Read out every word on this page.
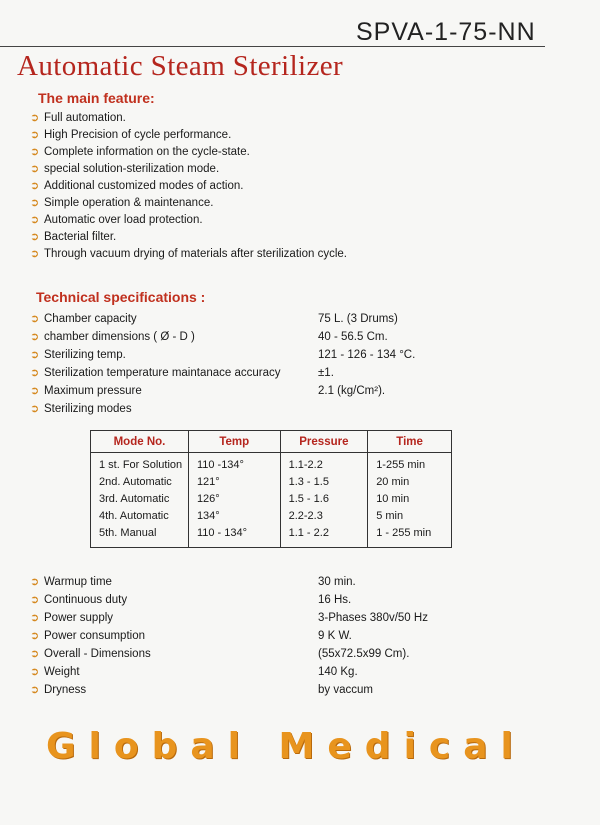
SPVA-1-75-NN
Automatic Steam Sterilizer
The main feature:
➲ Full automation.
➲ High Precision of cycle performance.
➲ Complete information on the cycle-state.
➲ special solution-sterilization mode.
➲ Additional customized modes of action.
➲ Simple operation & maintenance.
➲ Automatic over load protection.
➲ Bacterial filter.
➲ Through vacuum drying of materials after sterilization cycle.
Technical specifications :
➲ Chamber capacity	75 L. (3 Drums)
➲ chamber dimensions ( Ø - D )	40 - 56.5 Cm.
➲ Sterilizing temp.	121 - 126 - 134 °C.
➲ Sterilization temperature maintanace accuracy	±1.
➲ Maximum pressure	2.1 (kg/Cm²).
➲ Sterilizing modes
Mode No.	Temp	Pressure	Time
1 st. For Solution	110 -134°	1.1-2.2	1-255 min
2nd. Automatic	121°	1.3 - 1.5	20 min
3rd. Automatic	126°	1.5 - 1.6	10 min
4th. Automatic	134°	2.2-2.3	5 min
5th. Manual	110 - 134°	1.1 - 2.2	1 - 255 min
➲ Warmup time	30 min.
➲ Continuous duty	16 Hs.
➲ Power supply	3-Phases 380v/50 Hz
➲ Power consumption	9 K W.
➲ Overall - Dimensions	(55x72.5x99 Cm).
➲ Weight	140 Kg.
➲ Dryness	by vaccum
Global Medical
